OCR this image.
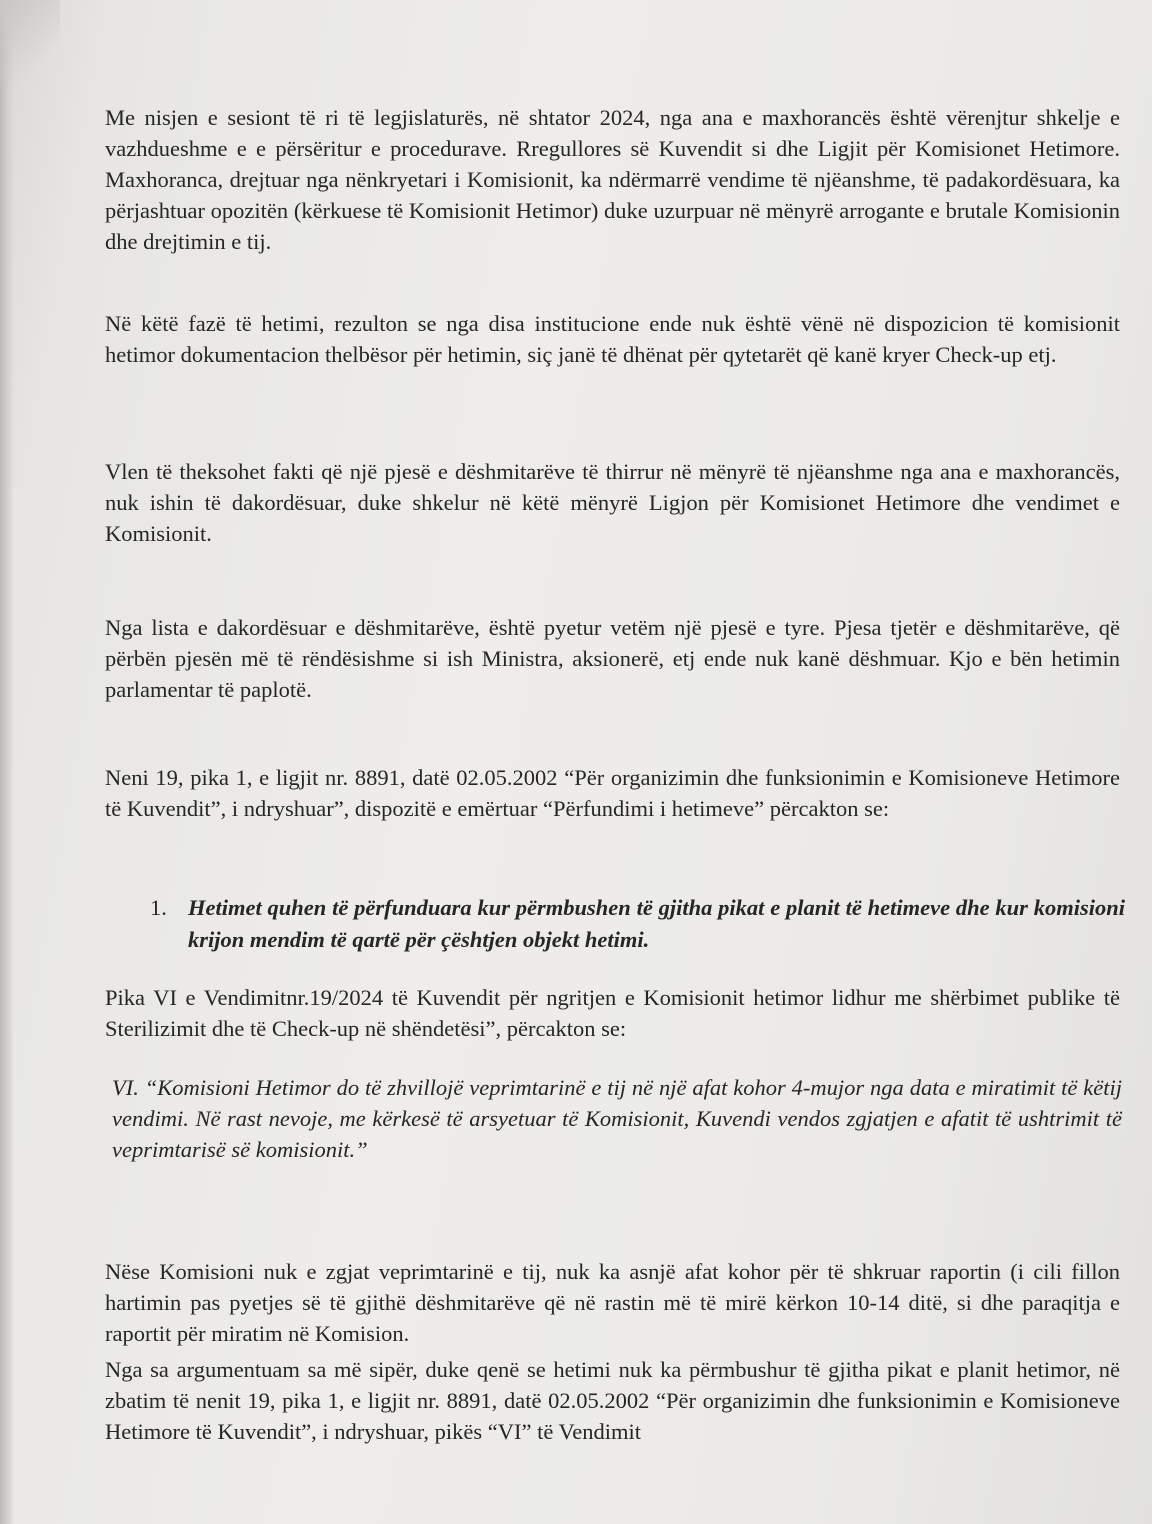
Me nisjen e sesiont të ri të legjislaturës, në shtator 2024, nga ana e maxhorancës është vërenjtur shkelje e vazhdueshme e e përsëritur e procedurave. Rregullores së Kuvendit si dhe Ligjit për Komisionet Hetimore. Maxhoranca, drejtuar nga nënkryetari i Komisionit, ka ndërmarrë vendime të njëanshme, të padakordësuara, ka përjashtuar opozitën (kërkuese të Komisionit Hetimor) duke uzurpuar në mënyrë arrogante e brutale Komisionin dhe drejtimin e tij.

Në këtë fazë të hetimi, rezulton se nga disa institucione ende nuk është vënë në dispozicion të komisionit hetimor dokumentacion thelbësor për hetimin, siç janë të dhënat për qytetarët që kanë kryer Check-up etj.

Vlen të theksohet fakti që një pjesë e dëshmitarëve të thirrur në mënyrë të njëanshme nga ana e maxhorancës, nuk ishin të dakordësuar, duke shkelur në këtë mënyrë Ligjon për Komisionet Hetimore dhe vendimet e Komisionit.

Nga lista e dakordësuar e dëshmitarëve, është pyetur vetëm një pjesë e tyre. Pjesa tjetër e dëshmitarëve, që përbën pjesën më të rëndësishme si ish Ministra, aksionerë, etj ende nuk kanë dëshmuar. Kjo e bën hetimin parlamentar të paplotë.

Neni 19, pika 1, e ligjit nr. 8891, datë 02.05.2002 “Për organizimin dhe funksionimin e Komisioneve Hetimore të Kuvendit”, i ndryshuar”, dispozitë e emërtuar “Përfundimi i hetimeve” përcakton se:

1. Hetimet quhen të përfunduara kur përmbushen të gjitha pikat e planit të hetimeve dhe kur komisioni krijon mendim të qartë për çështjen objekt hetimi.

Pika VI e Vendimitnr.19/2024 të Kuvendit për ngritjen e Komisionit hetimor lidhur me shërbimet publike të Sterilizimit dhe të Check-up në shëndetësi”, përcakton se:

VI. “Komisioni Hetimor do të zhvillojë veprimtarinë e tij në një afat kohor 4-mujor nga data e miratimit të këtij vendimi. Në rast nevoje, me kërkesë të arsyetuar të Komisionit, Kuvendi vendos zgjatjen e afatit të ushtrimit të veprimtarisë së komisionit.”

Nëse Komisioni nuk e zgjat veprimtarinë e tij, nuk ka asnjë afat kohor për të shkruar raportin (i cili fillon hartimin pas pyetjes së të gjithë dëshmitarëve që në rastin më të mirë kërkon 10-14 ditë, si dhe paraqitja e raportit për miratim në Komision.

Nga sa argumentuam sa më sipër, duke qenë se hetimi nuk ka përmbushur të gjitha pikat e planit hetimor, në zbatim të nenit 19, pika 1, e ligjit nr. 8891, datë 02.05.2002 “Për organizimin dhe funksionimin e Komisioneve Hetimore të Kuvendit”, i ndryshuar, pikës “VI” të Vendimit
